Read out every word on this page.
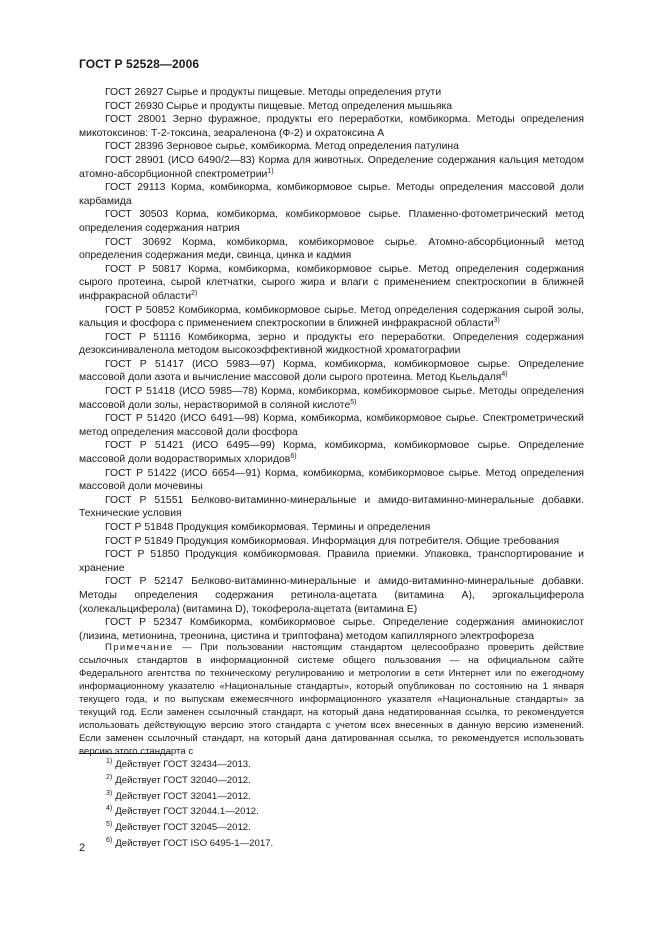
ГОСТ Р 52528—2006

ГОСТ 26927 Сырье и продукты пищевые. Методы определения ртути

ГОСТ 26930 Сырье и продукты пищевые. Метод определения мышьяка

ГОСТ 28001 Зерно фуражное, продукты его переработки, комбикорма. Методы определения микотоксинов: Т-2-токсина, зеараленона (Ф-2) и охратоксина А

ГОСТ 28396 Зерновое сырье, комбикорма. Метод определения патулина

ГОСТ 28901 (ИСО 6490/2—83) Корма для животных. Определение содержания кальция методом атомно-абсорбционной спектрометрии$^{1)}$

ГОСТ 29113 Корма, комбикорма, комбикормовое сырье. Методы определения массовой доли карбамида

ГОСТ 30503 Корма, комбикорма, комбикормовое сырье. Пламенно-фотометрический метод определения содержания натрия

ГОСТ 30692 Корма, комбикорма, комбикормовое сырье. Атомно-абсорбционный метод определения содержания меди, свинца, цинка и кадмия

ГОСТ Р 50817 Корма, комбикорма, комбикормовое сырье. Метод определения содержания сырого протеина, сырой клетчатки, сырого жира и влаги с применением спектроскопии в ближней инфракрасной области$^{2)}$

ГОСТ Р 50852 Комбикорма, комбикормовое сырье. Метод определения содержания сырой золы, кальция и фосфора с применением спектроскопии в ближней инфракрасной области$^{3)}$

ГОСТ Р 51116 Комбикорма, зерно и продукты его переработки. Определения содержания дезоксиниваленола методом высокоэффективной жидкостной хроматографии

ГОСТ Р 51417 (ИСО 5983—97) Корма, комбикорма, комбикормовое сырье. Определение массовой доли азота и вычисление массовой доли сырого протеина. Метод Кьельдаля$^{4)}$

ГОСТ Р 51418 (ИСО 5985—78) Корма, комбикорма, комбикормовое сырье. Методы определения массовой доли золы, нерастворимой в соляной кислоте$^{5)}$

ГОСТ Р 51420 (ИСО 6491—98) Корма, комбикорма, комбикормовое сырье. Спектрометрический метод определения массовой доли фосфора

ГОСТ Р 51421 (ИСО 6495—99) Корма, комбикорма, комбикормовое сырье. Определение массовой доли водорастворимых хлоридов$^{6)}$

ГОСТ Р 51422 (ИСО 6654—91) Корма, комбикорма, комбикормовое сырье. Метод определения массовой доли мочевины

ГОСТ Р 51551 Белково-витаминно-минеральные и амидо-витаминно-минеральные добавки. Технические условия

ГОСТ Р 51848 Продукция комбикормовая. Термины и определения

ГОСТ Р 51849 Продукция комбикормовая. Информация для потребителя. Общие требования

ГОСТ Р 51850 Продукция комбикормовая. Правила приемки. Упаковка, транспортирование и хранение

ГОСТ Р 52147 Белково-витаминно-минеральные и амидо-витаминно-минеральные добавки. Методы определения содержания ретинола-ацетата (витамина А), эргокальциферола (холекальциферола) (витамина D), токоферола-ацетата (витамина Е)

ГОСТ Р 52347 Комбикорма, комбикормовое сырье. Определение содержания аминокислот (лизина, метионина, треонина, цистина и триптофана) методом капиллярного электрофореза

Примечание — При пользовании настоящим стандартом целесообразно проверить действие ссылочных стандартов в информационной системе общего пользования — на официальном сайте Федерального агентства по техническому регулированию и метрологии в сети Интернет или по ежегодному информационному указателю «Национальные стандарты», который опубликован по состоянию на 1 января текущего года, и по выпускам ежемесячного информационного указателя «Национальные стандарты» за текущий год. Если заменен ссылочный стандарт, на который дана недатированная ссылка, то рекомендуется использовать действующую версию этого стандарта с учетом всех внесенных в данную версию изменений. Если заменен ссылочный стандарт, на который дана датированная ссылка, то рекомендуется использовать версию этого стандарта с

$^{1)}$ Действует ГОСТ 32434—2013.

$^{2)}$ Действует ГОСТ 32040—2012.

$^{3)}$ Действует ГОСТ 32041—2012.

$^{4)}$ Действует ГОСТ 32044.1—2012.

$^{5)}$ Действует ГОСТ 32045—2012.

$^{6)}$ Действует ГОСТ ISO 6495-1—2017.

2
